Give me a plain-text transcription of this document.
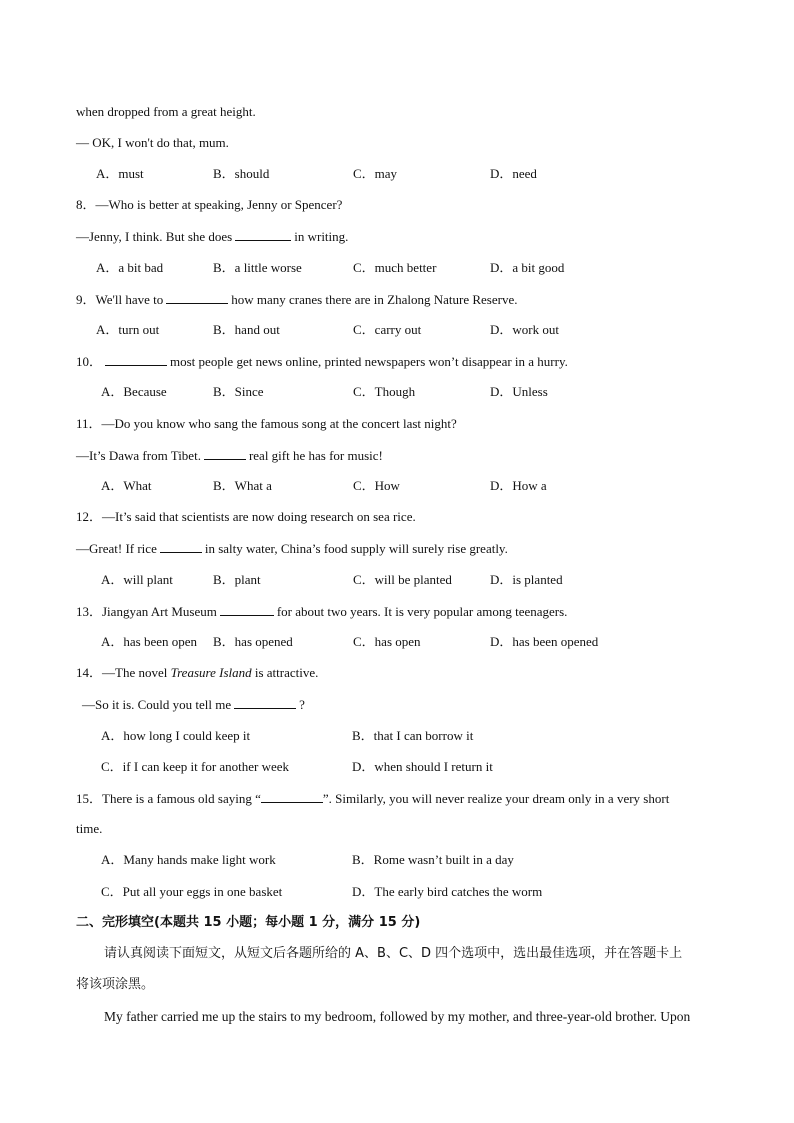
when dropped from a great height.
— OK, I won't do that, mum.
A．must	B．should	C．may	D．need
8．—Who is better at speaking, Jenny or Spencer?
—Jenny, I think. But she does	in writing.
A．a bit bad	B．a little worse	C．much better	D．a bit good
9．We'll have to	how many cranes there are in Zhalong Nature Reserve.
A．turn out	B．hand out	C．carry out	D．work out
10．	most people get news online, printed newspapers won’t disappear in a hurry.
A．Because	B．Since	C．Though	D．Unless
11．—Do you know who sang the famous song at the concert last night?
—It’s Dawa from Tibet.	real gift he has for music!
A．What	B．What a	C．How	D．How a
12．—It’s said that scientists are now doing research on sea rice.
—Great! If rice	in salty water, China’s food supply will surely rise greatly.
A．will plant	B．plant	C．will be planted	D．is planted
13．Jiangyan Art Museum	for about two years. It is very popular among teenagers.
A．has been open B．has opened	C．has open	D．has been opened
14．—The novel Treasure Island is attractive.
—So it is. Could you tell me	?
A．how long I could keep it	B．that I can borrow it
C．if I can keep it for another week	D．when should I return it
15．There is a famous old saying “	”. Similarly, you will never realize your dream only in a very short
time.
A．Many hands make light work	B．Rome wasn’t built in a day
C．Put all your eggs in one basket	D．The early bird catches the worm
二、完形填空(本题共 15 小题；每小题 1 分，满分 15 分)
请认真阅读下面短文，从短文后各题所给的 A、B、C、D 四个选项中，选出最佳选项，并在答题卡上
将该项涂黑。
My father carried me up the stairs to my bedroom, followed by my mother, and three-year-old brother. Upon
